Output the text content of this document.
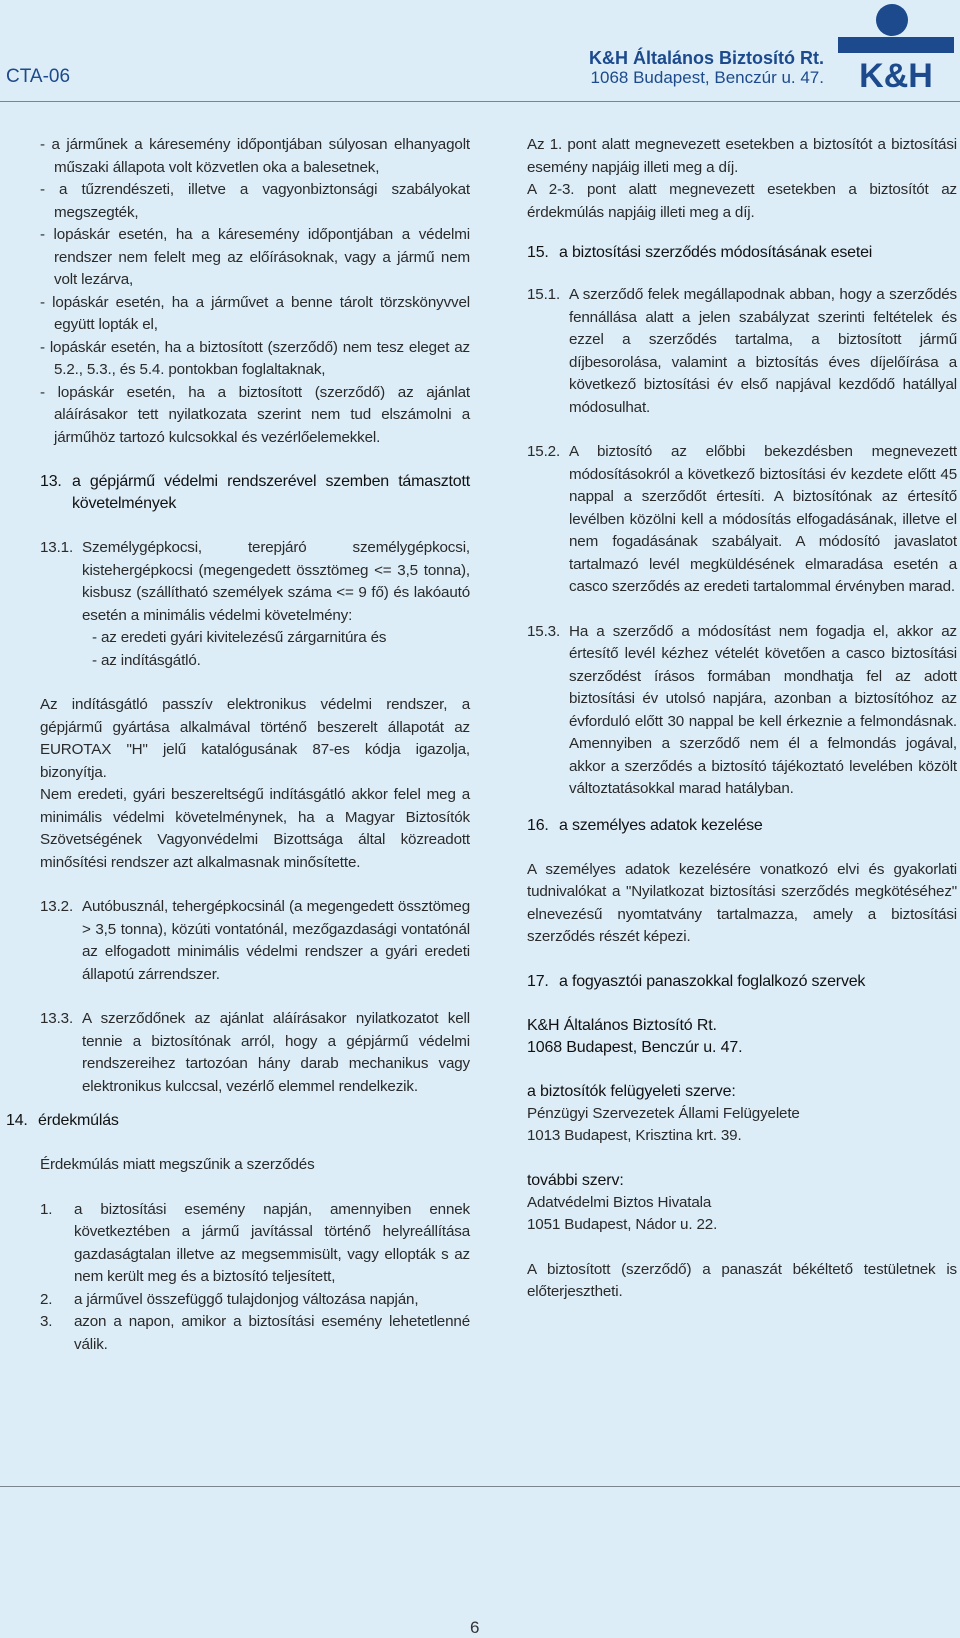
CTA-06
K&H Általános Biztosító Rt.
1068 Budapest, Benczúr u. 47. K&H

- a járműnek a káresemény időpontjában súlyosan elhanyagolt műszaki állapota volt közvetlen oka a balesetnek,

- a tűzrendészeti, illetve a vagyonbiztonsági szabályokat megszegték,

- lopáskár esetén, ha a káresemény időpontjában a védelmi rendszer nem felelt meg az előírásoknak, vagy a jármű nem volt lezárva,

- lopáskár esetén, ha a járművet a benne tárolt törzskönyvvel együtt lopták el,

- lopáskár esetén, ha a biztosított (szerződő) nem tesz eleget az 5.2., 5.3., és 5.4. pontokban foglaltaknak,

- lopáskár esetén, ha a biztosított (szerződő) az ajánlat aláírásakor tett nyilatkozata szerint nem tud elszámolni a járműhöz tartozó kulcsokkal és vezérlőelemekkel.

13. a gépjármű védelmi rendszerével szemben támasztott követelmények
13.1. Személygépkocsi, terepjáró személygépkocsi, kistehergépkocsi (megengedett össztömeg <= 3,5 tonna), kisbusz (szállítható személyek száma <= 9 fő) és lakóautó esetén a minimális védelmi követelmény:

- az eredeti gyári kivitelezésű zárgarnitúra és

- az indításgátló.

Az indításgátló passzív elektronikus védelmi rendszer, a gépjármű gyártása alkalmával történő beszerelt állapotát az EUROTAX "H" jelű katalógusának 87-es kódja igazolja, bizonyítja.

Nem eredeti, gyári beszereltségű indításgátló akkor felel meg a minimális védelmi követelménynek, ha a Magyar Biztosítók Szövetségének Vagyonvédelmi Bizottsága által közreadott minősítési rendszer azt alkalmasnak minősítette.

13.2. Autóbusznál, tehergépkocsinál (a megengedett össztömeg > 3,5 tonna), közúti vontatónál, mezőgazdasági vontatónál az elfogadott minimális védelmi rendszer a gyári eredeti állapotú zárrendszer.
13.3. A szerződőnek az ajánlat aláírásakor nyilatkozatot kell tennie a biztosítónak arról, hogy a gépjármű védelmi rendszereihez tartozóan hány darab mechanikus vagy elektronikus kulccsal, vezérlő elemmel rendelkezik.
14. érdekmúlás

Érdekmúlás miatt megszűnik a szerződés

1.	a biztosítási esemény napján, amennyiben ennek következtében a jármű javítással történő helyreállítása gazdaságtalan illetve az megsemmisült, vagy ellopták s az nem került meg és a biztosító teljesített,
2.	a járművel összefüggő tulajdonjog változása napján,
3.	azon a napon, amikor a biztosítási esemény lehetetlenné válik.

Az 1. pont alatt megnevezett esetekben a biztosítót a biztosítási esemény napjáig illeti meg a díj.

A 2-3. pont alatt megnevezett esetekben a biztosítót az érdekmúlás napjáig illeti meg a díj.

15. a biztosítási szerződés módosításának esetei
15.1. A szerződő felek megállapodnak abban, hogy a szerződés fennállása alatt a jelen szabályzat szerinti feltételek és ezzel a szerződés tartalma, a biztosított jármű díjbesorolása, valamint a biztosítás éves díjelőírása a következő biztosítási év első napjával kezdődő hatállyal módosulhat.
15.2. A biztosító az előbbi bekezdésben megnevezett módosításokról a következő biztosítási év kezdete előtt 45 nappal a szerződőt értesíti. A biztosítónak az értesítő levélben közölni kell a módosítás elfogadásának, illetve el nem fogadásának szabályait. A módosító javaslatot tartalmazó levél megküldésének elmaradása esetén a casco szerződés az eredeti tartalommal érvényben marad.
15.3. Ha a szerződő a módosítást nem fogadja el, akkor az értesítő levél kézhez vételét követően a casco biztosítási szerződést írásos formában mondhatja fel az adott biztosítási év utolsó napjára, azonban a biztosítóhoz az évforduló előtt 30 nappal be kell érkeznie a felmondásnak. Amennyiben a szerződő nem él a felmondás jogával, akkor a szerződés a biztosító tájékoztató levelében közölt változtatásokkal marad hatályban.
16. a személyes adatok kezelése

A személyes adatok kezelésére vonatkozó elvi és gyakorlati tudnivalókat a "Nyilatkozat biztosítási szerződés megkötéséhez" elnevezésű nyomtatvány tartalmazza, amely a biztosítási szerződés részét képezi.

17. a fogyasztói panaszokkal foglalkozó szervek

K&H Általános Biztosító Rt.

1068 Budapest, Benczúr u. 47.

a biztosítók felügyeleti szerve:

Pénzügyi Szervezetek Állami Felügyelete

1013 Budapest, Krisztina krt. 39.

további szerv:

Adatvédelmi Biztos Hivatala

1051 Budapest, Nádor u. 22.

A biztosított (szerződő) a panaszát békéltető testületnek is előterjesztheti.

6
